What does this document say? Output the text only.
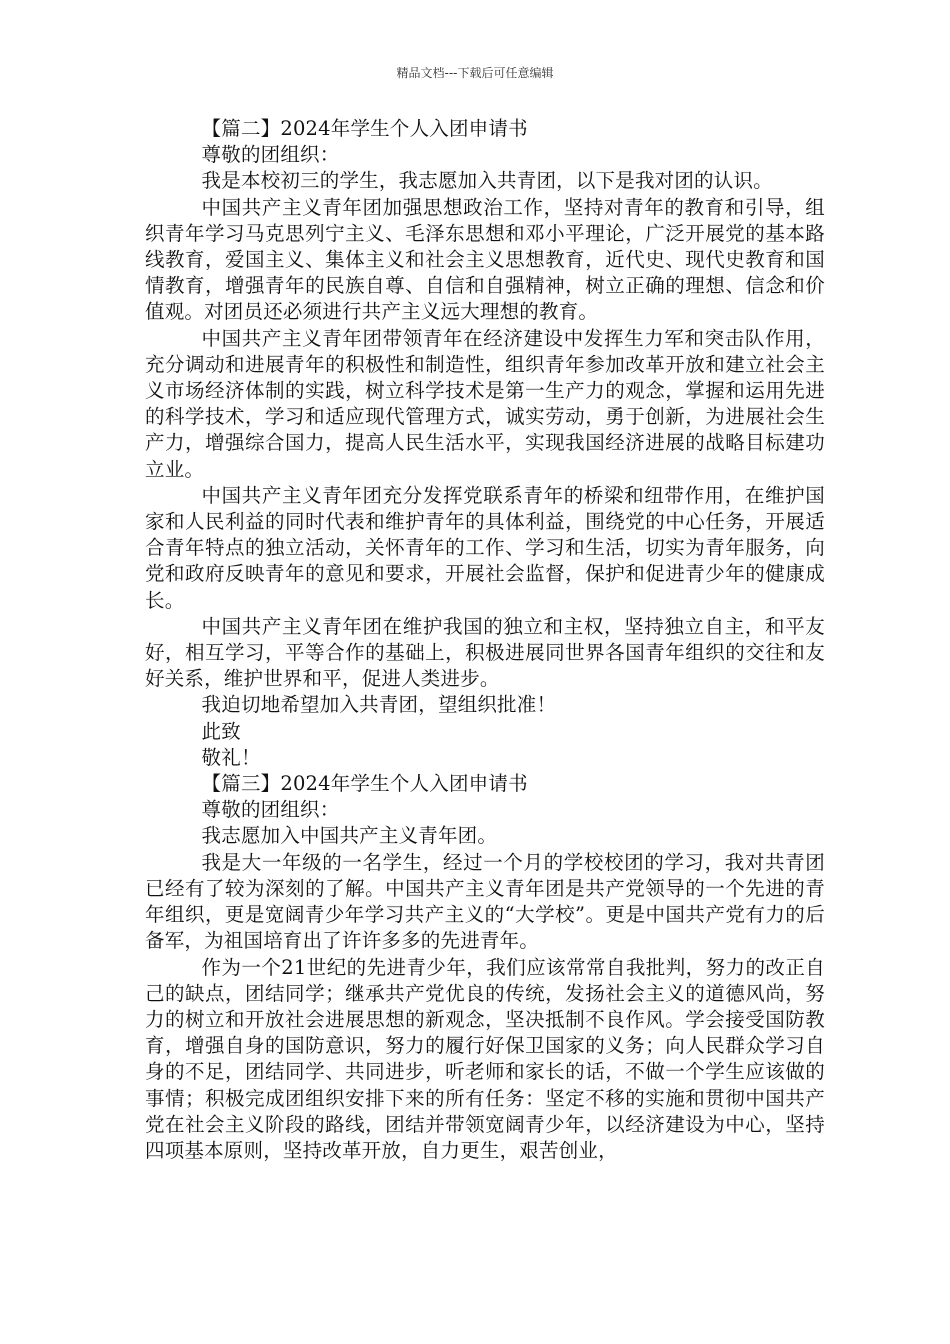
精品文档---下载后可任意编辑

【篇二】2024年学生个人入团申请书

尊敬的团组织：

我是本校初三的学生，我志愿加入共青团，以下是我对团的认识。

中国共产主义青年团加强思想政治工作，坚持对青年的教育和引导，组织青年学习马克思列宁主义、毛泽东思想和邓小平理论，广泛开展党的基本路线教育，爱国主义、集体主义和社会主义思想教育，近代史、现代史教育和国情教育，增强青年的民族自尊、自信和自强精神，树立正确的理想、信念和价值观。对团员还必须进行共产主义远大理想的教育。

中国共产主义青年团带领青年在经济建设中发挥生力军和突击队作用，充分调动和进展青年的积极性和制造性，组织青年参加改革开放和建立社会主义市场经济体制的实践，树立科学技术是第一生产力的观念，掌握和运用先进的科学技术，学习和适应现代管理方式，诚实劳动，勇于创新，为进展社会生产力，增强综合国力，提高人民生活水平，实现我国经济进展的战略目标建功立业。

中国共产主义青年团充分发挥党联系青年的桥梁和纽带作用，在维护国家和人民利益的同时代表和维护青年的具体利益，围绕党的中心任务，开展适合青年特点的独立活动，关怀青年的工作、学习和生活，切实为青年服务，向党和政府反映青年的意见和要求，开展社会监督，保护和促进青少年的健康成长。

中国共产主义青年团在维护我国的独立和主权，坚持独立自主，和平友好，相互学习，平等合作的基础上，积极进展同世界各国青年组织的交往和友好关系，维护世界和平，促进人类进步。

我迫切地希望加入共青团，望组织批准！

此致

敬礼！

【篇三】2024年学生个人入团申请书

尊敬的团组织：

我志愿加入中国共产主义青年团。

我是大一年级的一名学生，经过一个月的学校校团的学习，我对共青团已经有了较为深刻的了解。中国共产主义青年团是共产党领导的一个先进的青年组织，更是宽阔青少年学习共产主义的“大学校”。更是中国共产党有力的后备军，为祖国培育出了许许多多的先进青年。

作为一个21世纪的先进青少年，我们应该常常自我批判，努力的改正自己的缺点，团结同学；继承共产党优良的传统，发扬社会主义的道德风尚，努力的树立和开放社会进展思想的新观念，坚决抵制不良作风。学会接受国防教育，增强自身的国防意识，努力的履行好保卫国家的义务；向人民群众学习自身的不足，团结同学、共同进步，听老师和家长的话，不做一个学生应该做的事情；积极完成团组织安排下来的所有任务：坚定不移的实施和贯彻中国共产党在社会主义阶段的路线，团结并带领宽阔青少年，以经济建设为中心，坚持四项基本原则，坚持改革开放，自力更生，艰苦创业，
